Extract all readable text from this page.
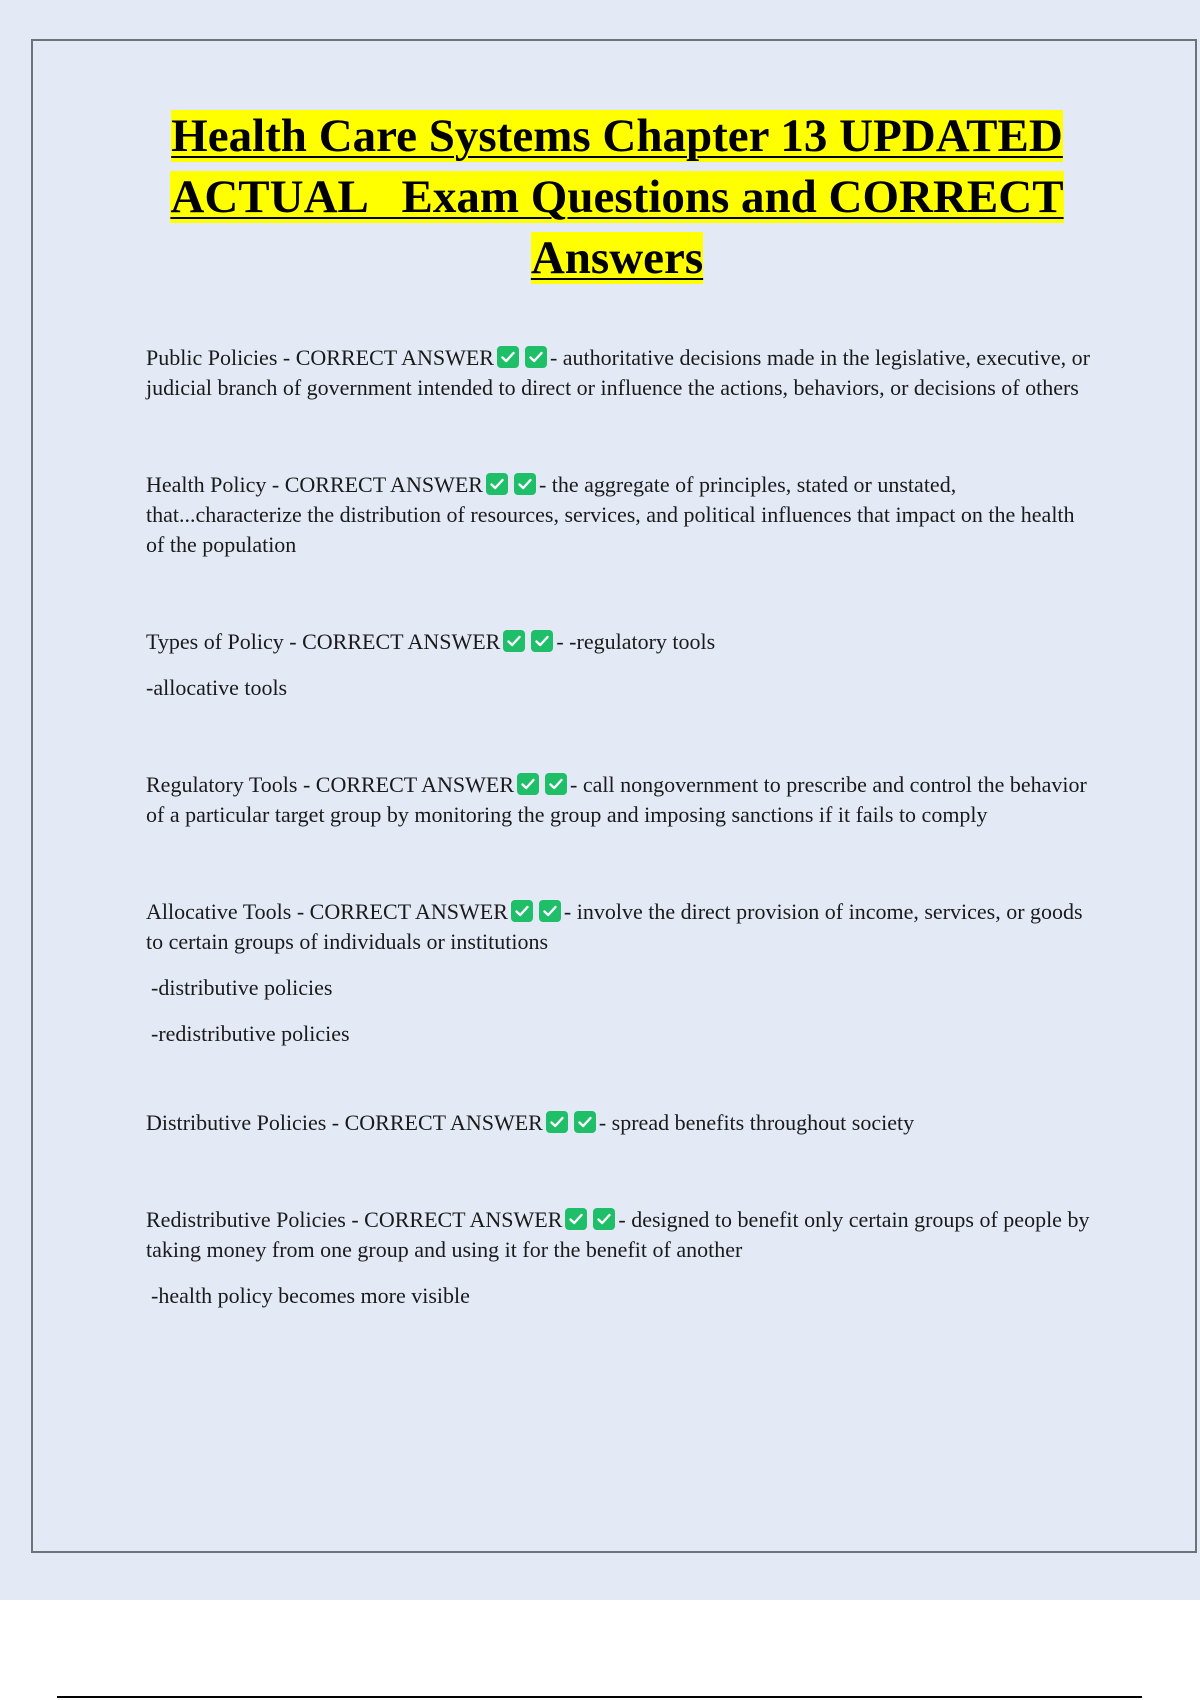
Health Care Systems Chapter 13 UPDATED
ACTUAL   Exam Questions and CORRECT
Answers

Public Policies - CORRECT ANSWER	- authoritative decisions made in the legislative, executive, or judicial branch of government intended to direct or influence the actions, behaviors, or decisions of others

Health Policy - CORRECT ANSWER	- the aggregate of principles, stated or unstated, that...characterize the distribution of resources, services, and political influences that impact on the health of the population

Types of Policy - CORRECT ANSWER	- -regulatory tools

-allocative tools

Regulatory Tools - CORRECT ANSWER	- call nongovernment to prescribe and control the behavior of a particular target group by monitoring the group and imposing sanctions if it fails to comply

Allocative Tools - CORRECT ANSWER	- involve the direct provision of income, services, or goods to certain groups of individuals or institutions

-distributive policies

-redistributive policies

Distributive Policies - CORRECT ANSWER	- spread benefits throughout society

Redistributive Policies - CORRECT ANSWER	- designed to benefit only certain groups of people by taking money from one group and using it for the benefit of another

-health policy becomes more visible
